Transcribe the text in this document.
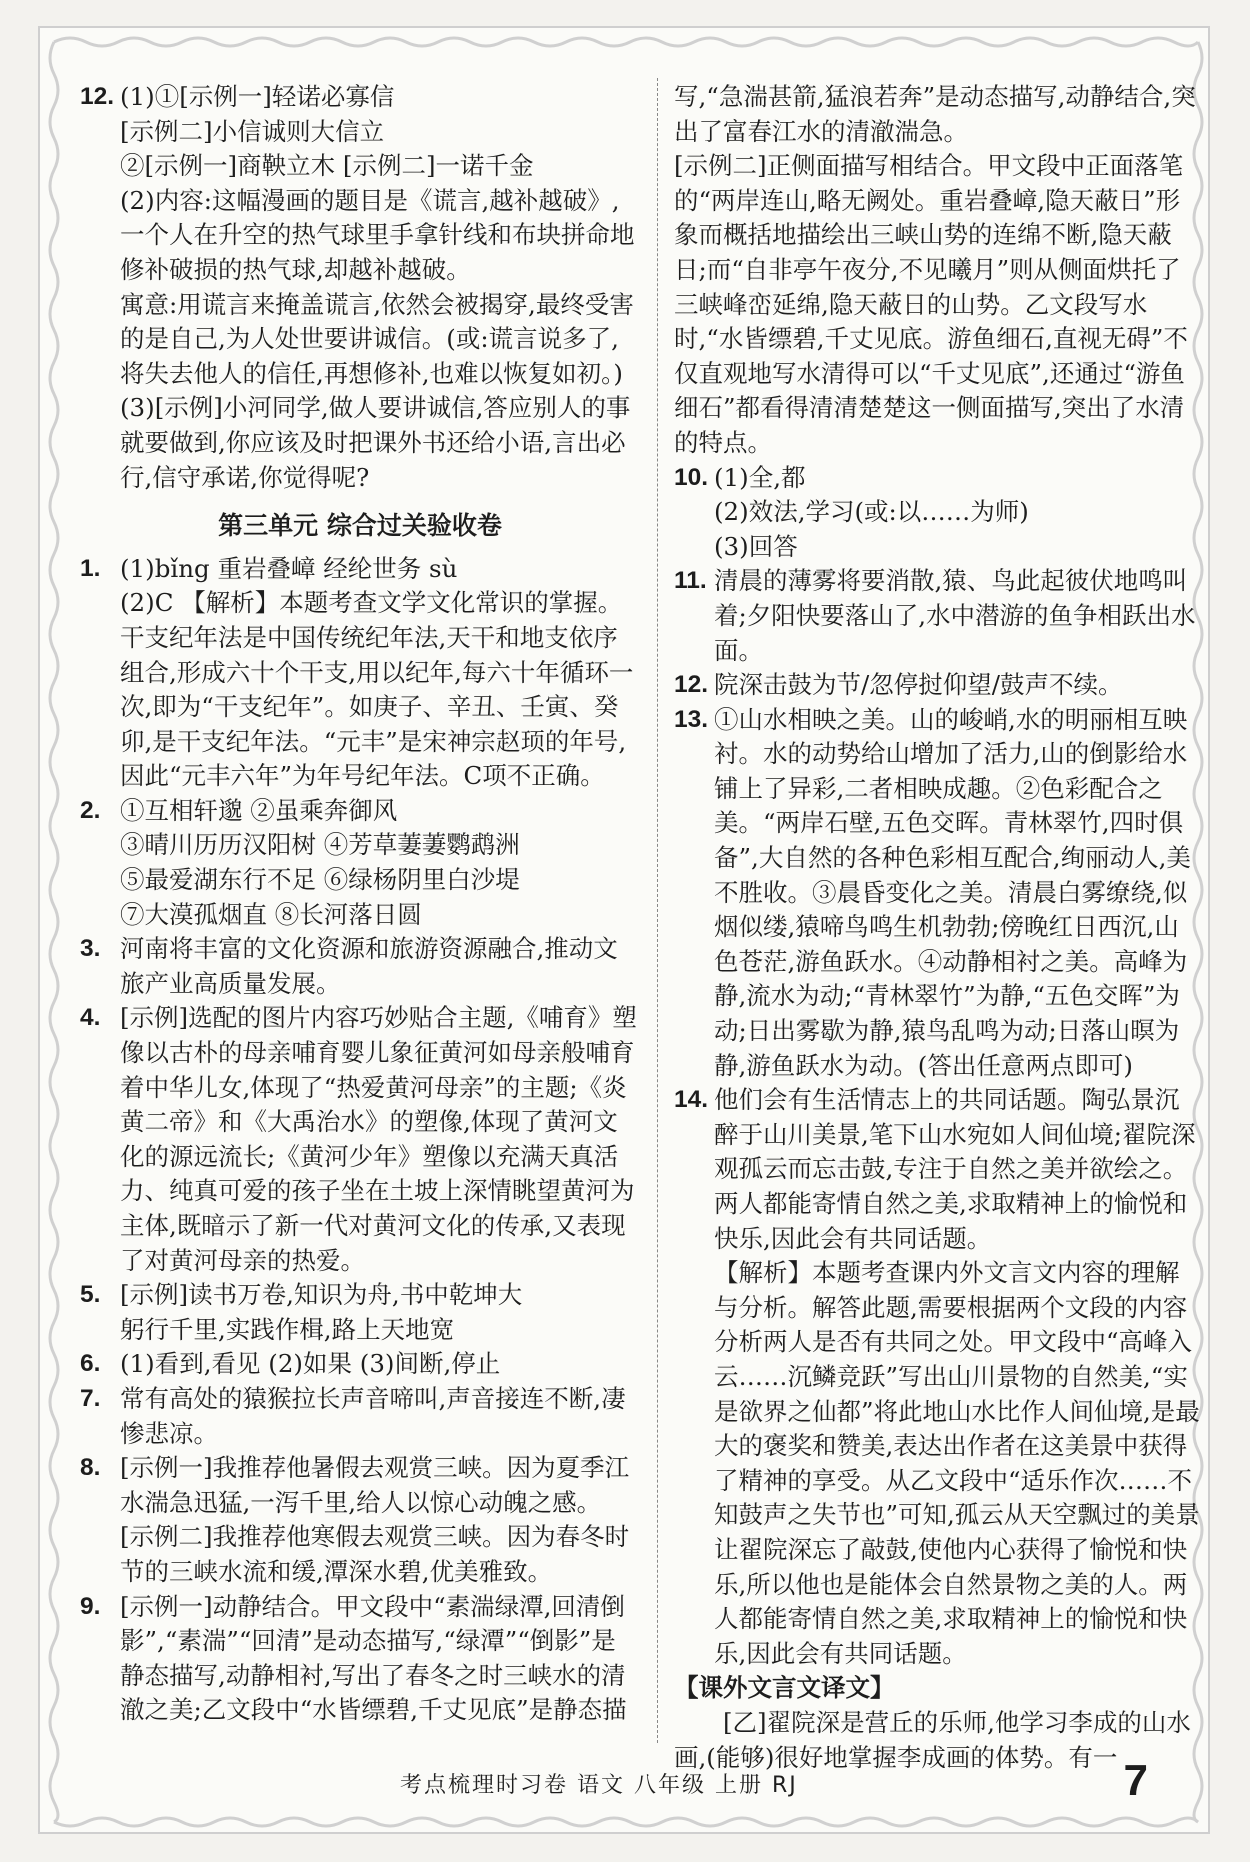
12. (1)①[示例一]轻诺必寡信

[示例二]小信诚则大信立

②[示例一]商鞅立木 [示例二]一诺千金

(2)内容:这幅漫画的题目是《谎言,越补越破》,一个人在升空的热气球里手拿针线和布块拼命地修补破损的热气球,却越补越破。

寓意:用谎言来掩盖谎言,依然会被揭穿,最终受害的是自己,为人处世要讲诚信。(或:谎言说多了,将失去他人的信任,再想修补,也难以恢复如初。)

(3)[示例]小河同学,做人要讲诚信,答应别人的事就要做到,你应该及时把课外书还给小语,言出必行,信守承诺,你觉得呢?

第三单元 综合过关验收卷
1. (1)bǐng 重岩叠嶂 经纶世务 sù

(2)C 【解析】本题考查文学文化常识的掌握。干支纪年法是中国传统纪年法,天干和地支依序组合,形成六十个干支,用以纪年,每六十年循环一次,即为“干支纪年”。如庚子、辛丑、壬寅、癸卯,是干支纪年法。“元丰”是宋神宗赵顼的年号,因此“元丰六年”为年号纪年法。C项不正确。

2. ①互相轩邈 ②虽乘奔御风

③晴川历历汉阳树 ④芳草萋萋鹦鹉洲

⑤最爱湖东行不足 ⑥绿杨阴里白沙堤

⑦大漠孤烟直 ⑧长河落日圆

3. 河南将丰富的文化资源和旅游资源融合,推动文旅产业高质量发展。

4. [示例]选配的图片内容巧妙贴合主题,《哺育》塑像以古朴的母亲哺育婴儿象征黄河如母亲般哺育着中华儿女,体现了“热爱黄河母亲”的主题;《炎黄二帝》和《大禹治水》的塑像,体现了黄河文化的源远流长;《黄河少年》塑像以充满天真活力、纯真可爱的孩子坐在土坡上深情眺望黄河为主体,既暗示了新一代对黄河文化的传承,又表现了对黄河母亲的热爱。

5. [示例]读书万卷,知识为舟,书中乾坤大

躬行千里,实践作楫,路上天地宽

6. (1)看到,看见 (2)如果 (3)间断,停止

7. 常有高处的猿猴拉长声音啼叫,声音接连不断,凄惨悲凉。

8. [示例一]我推荐他暑假去观赏三峡。因为夏季江水湍急迅猛,一泻千里,给人以惊心动魄之感。

[示例二]我推荐他寒假去观赏三峡。因为春冬时节的三峡水流和缓,潭深水碧,优美雅致。

9. [示例一]动静结合。甲文段中“素湍绿潭,回清倒影”,“素湍”“回清”是动态描写,“绿潭”“倒影”是静态描写,动静相衬,写出了春冬之时三峡水的清澈之美;乙文段中“水皆缥碧,千丈见底”是静态描

写,“急湍甚箭,猛浪若奔”是动态描写,动静结合,突出了富春江水的清澈湍急。

[示例二]正侧面描写相结合。甲文段中正面落笔的“两岸连山,略无阙处。重岩叠嶂,隐天蔽日”形象而概括地描绘出三峡山势的连绵不断,隐天蔽日;而“自非亭午夜分,不见曦月”则从侧面烘托了三峡峰峦延绵,隐天蔽日的山势。乙文段写水时,“水皆缥碧,千丈见底。游鱼细石,直视无碍”不仅直观地写水清得可以“千丈见底”,还通过“游鱼细石”都看得清清楚楚这一侧面描写,突出了水清的特点。

10. (1)全,都

(2)效法,学习(或:以……为师)

(3)回答

11. 清晨的薄雾将要消散,猿、鸟此起彼伏地鸣叫着;夕阳快要落山了,水中潜游的鱼争相跃出水面。

12. 院深击鼓为节/忽停挝仰望/鼓声不续。

13. ①山水相映之美。山的峻峭,水的明丽相互映衬。水的动势给山增加了活力,山的倒影给水铺上了异彩,二者相映成趣。②色彩配合之美。“两岸石壁,五色交晖。青林翠竹,四时俱备”,大自然的各种色彩相互配合,绚丽动人,美不胜收。③晨昏变化之美。清晨白雾缭绕,似烟似缕,猿啼鸟鸣生机勃勃;傍晚红日西沉,山色苍茫,游鱼跃水。④动静相衬之美。高峰为静,流水为动;“青林翠竹”为静,“五色交晖”为动;日出雾歇为静,猿鸟乱鸣为动;日落山暝为静,游鱼跃水为动。(答出任意两点即可)

14. 他们会有生活情志上的共同话题。陶弘景沉醉于山川美景,笔下山水宛如人间仙境;翟院深观孤云而忘击鼓,专注于自然之美并欲绘之。两人都能寄情自然之美,求取精神上的愉悦和快乐,因此会有共同话题。

【解析】本题考查课内外文言文内容的理解与分析。解答此题,需要根据两个文段的内容分析两人是否有共同之处。甲文段中“高峰入云……沉鳞竞跃”写出山川景物的自然美,“实是欲界之仙都”将此地山水比作人间仙境,是最大的褒奖和赞美,表达出作者在这美景中获得了精神的享受。从乙文段中“适乐作次……不知鼓声之失节也”可知,孤云从天空飘过的美景让翟院深忘了敲鼓,使他内心获得了愉悦和快乐,所以他也是能体会自然景物之美的人。两人都能寄情自然之美,求取精神上的愉悦和快乐,因此会有共同话题。

【课外文言文译文】

[乙]翟院深是营丘的乐师,他学习李成的山水画,(能够)很好地掌握李成画的体势。有一

考点梳理时习卷 语文 八年级 上册 RJ	7
